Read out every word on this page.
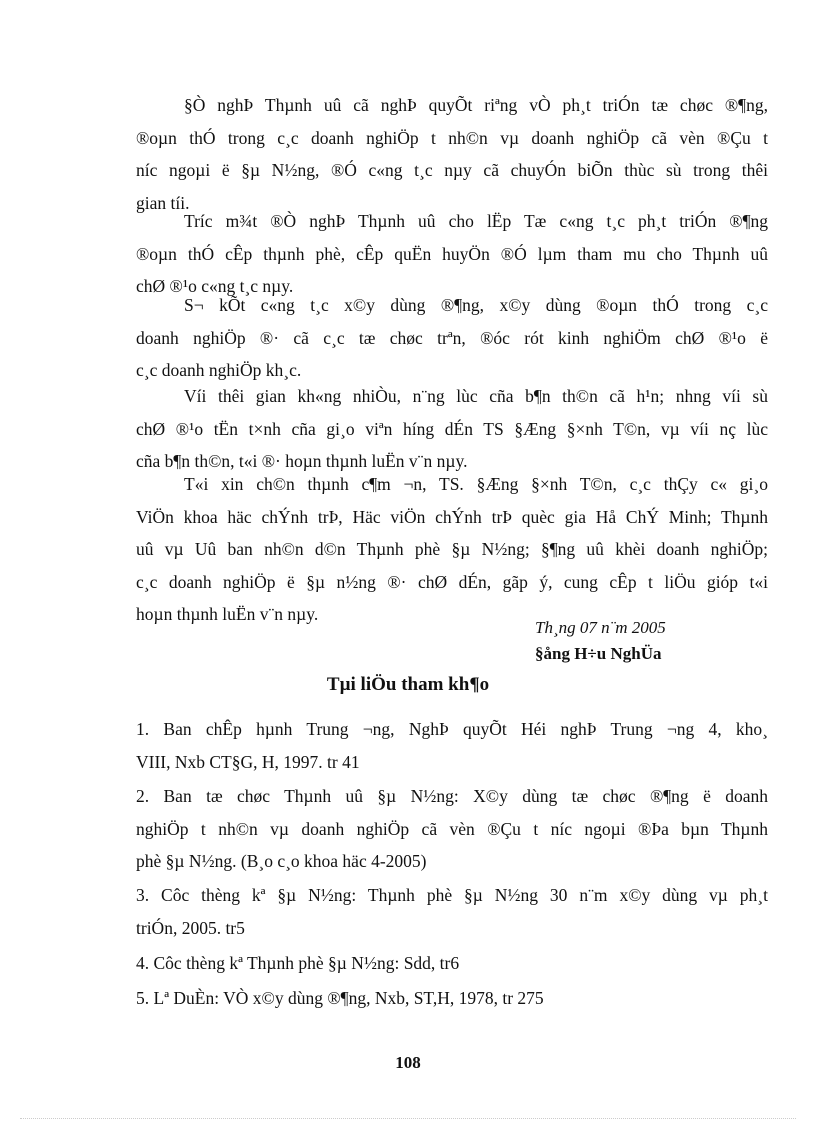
§Ò nghÞ Thµnh uû cã nghÞ quyÕt riªng vÒ ph¸t triÓn tæ chøc ®¶ng,
®oµn thÓ trong c¸c doanh nghiÖp t nh©n vµ doanh nghiÖp cã vèn ®Çu t
níc ngoµi ë §µ N½ng, ®Ó c«ng t¸c nµy cã chuyÓn biÕn thùc sù trong thêi
gian tíi.
Tríc m¾t ®Ò nghÞ Thµnh uû cho lËp Tæ c«ng t¸c ph¸t triÓn ®¶ng
®oµn thÓ cÊp thµnh phè, cÊp quËn huyÖn ®Ó lµm tham mu cho Thµnh uû
chØ ®¹o c«ng t¸c nµy.
S¬ kÕt c«ng t¸c x©y dùng ®¶ng, x©y dùng ®oµn thÓ trong c¸c
doanh nghiÖp ®· cã c¸c tæ chøc trªn, ®óc rót kinh nghiÖm chØ ®¹o ë
c¸c doanh nghiÖp kh¸c.
Víi thêi gian kh«ng nhiÒu, n¨ng lùc cña b¶n th©n cã h¹n; nhng víi sù
chØ ®¹o tËn t×nh cña gi¸o viªn híng dÉn TS §Æng §×nh T©n, vµ víi nç lùc
cña b¶n th©n, t«i ®· hoµn thµnh luËn v¨n nµy.
T«i xin ch©n thµnh c¶m ¬n, TS. §Æng §×nh T©n, c¸c thÇy c« gi¸o
ViÖn khoa häc chÝnh trÞ, Häc viÖn chÝnh trÞ quèc gia Hå ChÝ Minh; Thµnh
uû vµ Uû ban nh©n d©n Thµnh phè §µ N½ng; §¶ng uû khèi doanh nghiÖp;
c¸c doanh nghiÖp ë §µ n½ng ®· chØ dÉn, gãp ý, cung cÊp t liÖu gióp t«i
hoµn thµnh luËn v¨n nµy.
Th¸ng 07 n¨m 2005
§ång H÷u NghÜa
Tµi liÖu tham kh¶o
1. Ban chÊp hµnh Trung ¬ng, NghÞ quyÕt Héi nghÞ Trung ¬ng 4, kho¸
VIII, Nxb CT§G, H, 1997. tr 41
2. Ban tæ chøc Thµnh uû §µ N½ng: X©y dùng tæ chøc ®¶ng ë doanh
nghiÖp t nh©n vµ doanh nghiÖp cã vèn ®Çu t níc ngoµi ®Þa bµn Thµnh
phè §µ N½ng. (B¸o c¸o khoa häc 4-2005)
3. Côc thèng kª §µ N½ng: Thµnh phè §µ N½ng 30 n¨m x©y dùng vµ ph¸t
triÓn, 2005. tr5
4. Côc thèng kª Thµnh phè §µ N½ng: Sdd, tr6
5. Lª DuÈn: VÒ x©y dùng ®¶ng, Nxb, ST,H, 1978, tr 275
108
